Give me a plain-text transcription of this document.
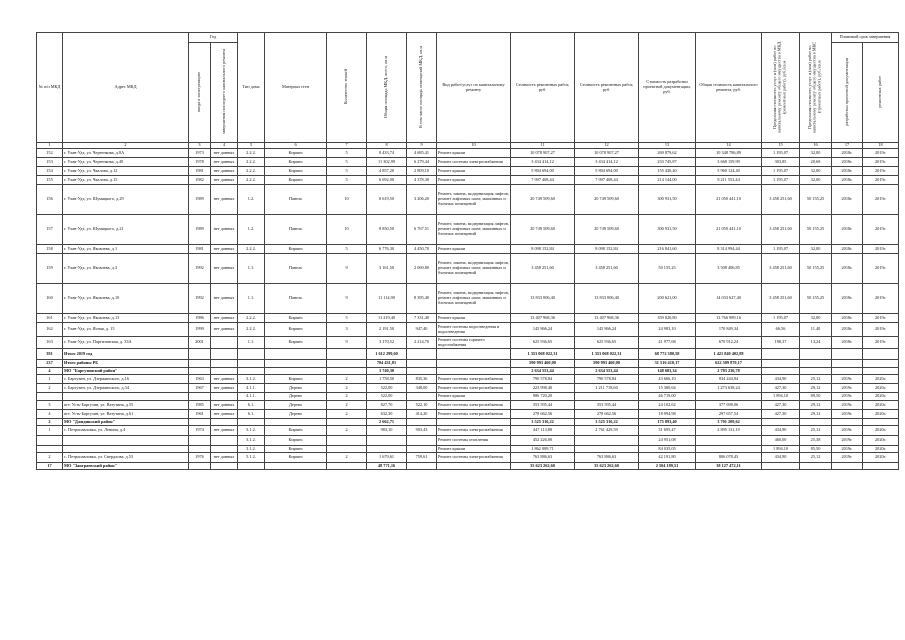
№ п/п МКД	Адрес МКД	Год		Тип дома	Материал стен	Количество этажей	Общая площадь МКД, всего, кв.м	В том числе площадь помещений МКД, кв.м	Вид работ/услуг по капитальному ремонту	Стоимость ремонтных работ, руб.	Стоимость ремонтных работ, руб.	Стоимость разработки проектной документации, руб.	Общая стоимость капитального ремонта, руб.	Предельная стоимость услуг и (или) работ по капитальному ремонту общего имущества в МКД (ремонтных работ), руб./кв.м	Предельная стоимость услуг и (или) работ по капитальному ремонту общего имущества в МКС (проектных работ), руб./кв.м	Плановый срок завершения	
		ввода в эксплуатацию	завершения последнего капитального ремонта													разработки проектной документации	ремонтных работ
1	2	3	4	5	6	7	8	9	10	11	12	13	14	15	16	17	18
152	г. Улан-Удэ, ул. Чертенкова, д.8А	1973	нет данных	2.2.2.	Кирпич	5	8 433,74	4 685,41	Ремонт крыши	10 078 907,27	10 078 907,27	269 879,62	10 348 786,89	1 195,07	32,00	2018г.	2019г.
153	г. Улан-Удэ, ул. Чертенкова, д.49	1978	нет данных	2.2.2.	Кирпич	5	11 302,99	6 279,44	Ремонт системы электроснабжения	3 434 414,12	3 434 414,12	233 745,87	3 668 159,99	303,85	20,68	2018г.	2019г.
154	г. Улан-Удэ, ул. Чкалова, д.12	1981	нет данных	2.2.2.	Кирпич	5	4 857,20	2 809,10	Ремонт крыши	5 804 694,00	5 804 694,00	155 430,40	5 960 124,40	1 195,07	32,00	2018г.	2019г.
155	г. Улан-Удэ, ул. Чкалова, д.15	1982	нет данных	2.2.2.	Кирпич	5	6 692,00	4 378,30	Ремонт крыши	7 997 408,44	7 997 408,44	214 144,00	8 211 552,44	1 195,07	32,00	2018г.	2019г.
156	г. Улан-Удэ, ул. Шумяцкого, д.29	1989	нет данных	1.2.	Панель	10	8 619,50	3 206,20	Ремонт, замена, модернизация лифтов, ремонт лифтовых шахт, машинных и блочных помещений	20 749 509,60	20 749 509,60	300 931,50	21 050 441,10	3 458 251,60	50 155,25	2018г.	2019г.
157	г. Улан-Удэ, ул. Шумяцкого, д.21	1989	нет данных	1.2.	Панель	10	8 850,50	6 767,51	Ремонт, замена, модернизация лифтов, ремонт лифтовых шахт, машинных и блочных помещений	20 749 509,60	20 749 509,60	300 931,50	21 050 441,10	3 458 251,60	50 155,25	2018г.	2019г.
158	г. Улан-Удэ, ул. Яковлева, д.1	1981	нет данных	2.2.2.	Кирпич	5	6 776,30	4 450,70	Ремонт крыши	8 098 152,84	8 098 152,84	216 841,60	8 314 994,44	1 195,07	32,00	2018г.	2019г.
159	г. Улан-Удэ, ул. Яковлева, д.3	1992	нет данных	1.1.	Панель	9	3 161,50	2 069,80	Ремонт, замена, модернизация лифтов, ремонт лифтовых шахт, машинных и блочных помещений	3 458 251,60	3 458 251,60	50 155,25	3 508 406,85	3 458 251,60	50 155,25	2018г.	2019г.
160	г. Улан-Удэ, ул. Яковлева, д.10	1992	нет данных	1.1.	Панель	9	11 114,90	8 395,40	Ремонт, замена, модернизация лифтов, ремонт лифтовых шахт, машинных и блочных помещений	13 833 006,40	13 833 006,40	200 621,00	14 033 627,40	3 458 251,60	50 155,25	2018г.	2019г.
161	г. Улан-Удэ, ул. Яковлева, д.13	1986	нет данных	2.2.2.	Кирпич	5	11 219,40	7 331,40	Ремонт крыши	13 407 968,36	13 407 968,36	359 020,80	13 766 989,16	1 195,07	32,00	2018г.	2019г.
162	г. Улан-Удэ, ул. Ясная, д. 15	1999	нет данных	2.2.2.	Кирпич	3	2 191,50	947,40	Ремонт системы водоотведения и водоотведения	145 866,24	145 866,24	24 983,10	170 849,34	66,56	11,40	2018г.	2019г.
163	г. Улан-Удэ, ул. Партизанская, д. 33А	2001		1.1.	Кирпич	9	3 170,52	2 214,70	Ремонт системы горячего водоснабжения	625 936,65	625 936,65	41 977,68	670 912,24	198,37	13,24	2018г.	2019г.
391	Итого 2019 год						1 612 299,60			1 353 068 022,31	1 353 068 022,31	68 772 380,58	1 421 840 402,88				
237	Итого районы РБ						704 431,81			590 993 460,00	590 993 460,00	31 516 410,17	622 509 870,17				
4	МО "Баргузинский район"						3 740,30			2 634 553,44	2 634 553,44	148 683,34	2 783 236,78				
1	с. Баргузин, ул. Дзержинского, д.16	1963	нет данных	3.1.2.	Кирпич	2	1 758,50	835,36	Ремонт системы электроснабжения	790 578,84	790 578,84	43 666,10	834 244,94	434,90	25,12	2019г.	2020г.
2	с. Баргузин, ул. Дзержинского, д.34	1967	нет данных	4.1.1.	Дерево	2	522,00	348,00	Ремонт системы электроснабжения	223 998,40	1 211 718,60	15 300,64	1 273 638,24	427,30	29,12	2019г.	2020г.
				4.1.1.	Дерево	2	522,00		Ремонт крыши	986 720,20		46 719,00		1 894,10	89,50	2019г.	2020г.
3	пгт. Усть-Баргузин, ул. Ватутина, д.55	1985	нет данных	6.1.	Дерево	2	827,70	522,10	Ремонт системы электроснабжения	353 595,44	353 595,44	24 102,62	377 698,06	427,30	29,12	2019г.	2020г.
4	пгт. Усть-Баргузин, ул. Ватутина, д.61	1961	нет данных	6.1.	Дерево	2	632,30	414,20	Ремонт системы электроснабжения	278 662,56	278 662,56	18 994,98	297 657,54	427,30	29,12	2019г.	2020г.
2	МО "Джидинский район"						2 662,71			3 525 316,22	3 525 316,22	175 893,40	3 701 209,62				
1	с. Петропавловка, ул. Ленина, д.4	1974	нет данных	3.1.2.	Кирпич	2	983,10	903,43	Ремонт системы электроснабжения	447 113,88	2 761 429,59	31 695,47	2 895 131,19	434,90	25,12	2019г.	2020г.
				3.1.2.	Кирпич				Ремонт системы отопления	452 226,00		24 951,08		460,00	25,38	2019г.	2020г.
				3.1.2.	Кирпич				Ремонт крыши	1 862 089,71		84 035,05		1 894,10	85,50	2019г.	2020г.
2	с. Петропавловка, ул. Свердлова, д.53	1976	нет данных	5.1.2.	Кирпич	2	1 679,61	759,61	Ремонт системы электроснабжения	763 886,63	763 886,63	42 191,80	806 078,43	434,90	25,12	2019г.	2020г.
17	МО "Заиграевский район"						48 771,16			35 623 262,60	35 623 262,60	2 504 189,51	38 127 472,11				
